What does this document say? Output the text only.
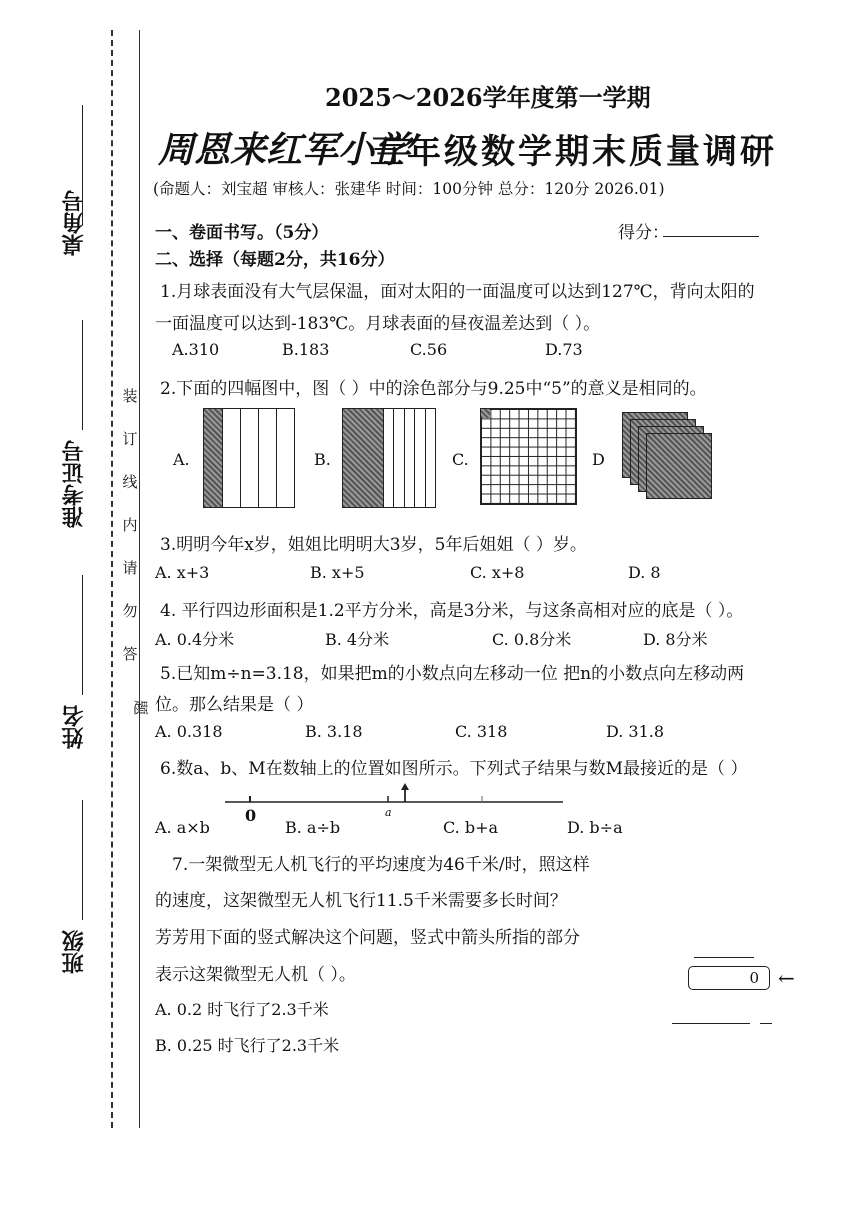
桌角号
准考证号
姓名
班级
装
订
线
内
请
勿
答
题
2025～2026学年度第一学期
周恩来红军小学
五年级数学期末质量调研
(命题人：刘宝超 审核人：张建华 时间：100分钟 总分：120分 2026.01)
一、卷面书写。（5分）	得分：
二、选择（每题2分，共16分）
1.月球表面没有大气层保温，面对太阳的一面温度可以达到127℃，背向太阳的
一面温度可以达到-183℃。月球表面的昼夜温差达到（ ）。
A.310	B.183	C.56	D.73
2.下面的四幅图中，图（ ）中的涂色部分与9.25中“5”的意义是相同的。
A.	B.	C.	D
3.明明今年x岁，姐姐比明明大3岁，5年后姐姐（ ）岁。
A. x+3	B. x+5	C. x+8	D. 8
4. 平行四边形面积是1.2平方分米，高是3分米，与这条高相对应的底是（ ）。
A. 0.4分米	B. 4分米	C. 0.8分米	D. 8分米
5.已知m÷n=3.18，如果把m的小数点向左移动一位 把n的小数点向左移动两
位。那么结果是（ ）
A. 0.318	B. 3.18	C. 318	D. 31.8
6.数a、b、M在数轴上的位置如图所示。下列式子结果与数M最接近的是（ ）
0	a
A. a×b	B. a÷b	C. b+a	D. b÷a
7.一架微型无人机飞行的平均速度为46千米/时，照这样
的速度，这架微型无人机飞行11.5千米需要多长时间？
芳芳用下面的竖式解决这个问题，竖式中箭头所指的部分
表示这架微型无人机（ ）。
A. 0.2 时飞行了2.3千米
B. 0.25 时飞行了2.3千米
0 ←
